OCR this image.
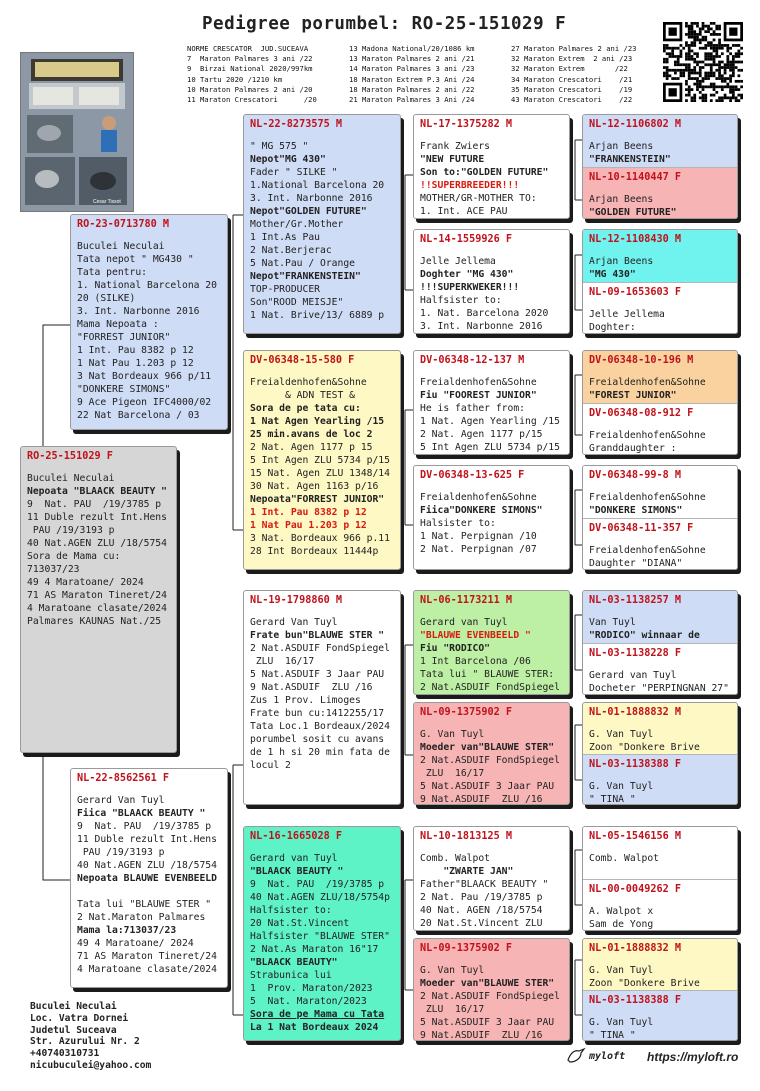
Pedigree porumbel: RO-25-151029 F
NORME CRESCATOR  JUD.SUCEAVA
7  Maraton Palmares 3 ani /22
9  Birzai National 2020/997km
10 Tartu 2020 /1210 km
10 Maraton Palmares 2 ani /20
11 Maraton Crescatori      /20
13 Madona National/20/1086 km
13 Maraton Palmares 2 ani /21
14 Maraton Palmares 3 ani /23
18 Maraton Extrem P.3 Ani /24
18 Maraton Palmares 2 ani /22
21 Maraton Palmares 3 Ani /24
27 Maraton Palmares 2 ani /23
32 Maraton Extrem  2 ani /23
32 Maraton Extrem       /22
34 Maraton Crescatori    /21
35 Maraton Crescatori    /19
43 Maraton Crescatori    /22
Cesar Tissot
RO-25-151029 F
Buculei Neculai
Nepoata "BLAACK BEAUTY "
9  Nat. PAU  /19/3785 p
11 Duble rezult Int.Hens
PAU /19/3193 p
40 Nat.AGEN ZLU /18/5754
Sora de Mama cu:
713037/23
49 4 Maratoane/ 2024
71 AS Maraton Tineret/24
4 Maratoane clasate/2024
Palmares KAUNAS Nat./25
RO-23-0713780 M
Buculei Neculai
Tata nepot " MG430 "
Tata pentru:
1. National Barcelona 20
20 (SILKE)
3. Int. Narbonne 2016
Mama Nepoata :
"FORREST JUNIOR"
1 Int. Pau 8382 p 12
1 Nat Pau 1.203 p 12
3 Nat Bordeaux 966 p/11
"DONKERE SIMONS"
9 Ace Pigeon IFC4000/02
22 Nat Barcelona / 03
NL-22-8562561 F
Gerard Van Tuyl
Fiica "BLAACK BEAUTY "
9  Nat. PAU  /19/3785 p
11 Duble rezult Int.Hens
PAU /19/3193 p
40 Nat.AGEN ZLU /18/5754
Nepoata BLAUWE EVENBEELD

Tata lui "BLAUWE STER "
2 Nat.Maraton Palmares
Mama la:713037/23
49 4 Maratoane/ 2024
71 AS Maraton Tineret/24
4 Maratoane clasate/2024
NL-22-8273575 M
" MG 575 "
Nepot"MG 430"
Fader " SILKE "
1.National Barcelona 20
3. Int. Narbonne 2016
Nepot"GOLDEN FUTURE"
Mother/Gr.Mother
1 Int.As Pau
2 Nat.Berjerac
5 Nat.Pau / Orange
Nepot"FRANKENSTEIN"
TOP-PRODUCER
Son"ROOD MEISJE"
1 Nat. Brive/13/ 6889 p
DV-06348-15-580 F
Freialdenhofen&Sohne
& ADN TEST &
Sora de pe tata cu:
1 Nat Agen Yearling /15
25 min.avans de loc 2
2 Nat. Agen 1177 p 15
5 Int Agen ZLU 5734 p/15
15 Nat. Agen ZLU 1348/14
30 Nat. Agen 1163 p/16
Nepoata"FORREST JUNIOR"
1 Int. Pau 8382 p 12
1 Nat Pau 1.203 p 12
3 Nat. Bordeaux 966 p.11
28 Int Bordeaux 11444p
NL-19-1798860 M
Gerard Van Tuyl
Frate bun"BLAUWE STER "
2 Nat.ASDUIF FondSpiegel
ZLU  16/17
5 Nat.ASDUIF 3 Jaar PAU
9 Nat.ASDUIF  ZLU /16
Zus 1 Prov. Limoges
Frate bun cu:1412255/17
Tata Loc.1 Bordeaux/2024
porumbel sosit cu avans
de 1 h si 20 min fata de
locul 2
NL-16-1665028 F
Gerard van Tuyl
"BLAACK BEAUTY "
9  Nat. PAU  /19/3785 p
40 Nat.AGEN ZLU/18/5754p
Halfsister to:
20 Nat.St.Vincent
Halfsister "BLAUWE STER"
2 Nat.As Maraton 16"17
"BLAACK BEAUTY"
Strabunica lui
1  Prov. Maraton/2023
5  Nat. Maraton/2023
Sora de pe Mama cu Tata
La 1 Nat Bordeaux 2024
NL-17-1375282 M
Frank Zwiers
"NEW FUTURE
Son to:"GOLDEN FUTURE"
!!SUPERBREEDER!!!
MOTHER/GR-MOTHER TO:
1. Int. ACE PAU
NL-14-1559926 F
Jelle Jellema
Doghter "MG 430"
!!!SUPERKWEKER!!!
Halfsister to:
1. Nat. Barcelona 2020
3. Int. Narbonne 2016
DV-06348-12-137 M
Freialdenhofen&Sohne
Fiu "FOOREST JUNIOR"
He is father from:
1 Nat. Agen Yearling /15
2 Nat. Agen 1177 p/15
5 Int Agen ZLU 5734 p/15
DV-06348-13-625 F
Freialdenhofen&Sohne
Fiica"DONKERE SIMONS"
Halsister to:
1 Nat. Perpignan /10
2 Nat. Perpignan /07
NL-06-1173211 M
Gerard van Tuyl
"BLAUWE EVENBEELD "
Fiu "RODICO"
1 Int Barcelona /06
Tata lui " BLAUWE STER:
2 Nat.ASDUIF FondSpiegel
NL-09-1375902 F
G. Van Tuyl
Moeder van"BLAUWE STER"
2 Nat.ASDUIF FondSpiegel
ZLU  16/17
5 Nat.ASDUIF 3 Jaar PAU
9 Nat.ASDUIF  ZLU /16
NL-10-1813125 M
Comb. Walpot
"ZWARTE JAN"
Father"BLAACK BEAUTY "
2 Nat. Pau /19/3785 p
40 Nat. AGEN /18/5754
20 Nat.St.Vincent ZLU
NL-09-1375902 F
G. Van Tuyl
Moeder van"BLAUWE STER"
2 Nat.ASDUIF FondSpiegel
ZLU  16/17
5 Nat.ASDUIF 3 Jaar PAU
9 Nat.ASDUIF  ZLU /16
NL-12-1106802 M
Arjan Beens
"FRANKENSTEIN"
NL-10-1140447 F
Arjan Beens
"GOLDEN FUTURE"
NL-12-1108430 M
Arjan Beens
"MG 430"
NL-09-1653603 F
Jelle Jellema
Doghter:
DV-06348-10-196 M
Freialdenhofen&Sohne
"FOREST JUNIOR"
DV-06348-08-912 F
Freialdenhofen&Sohne
Granddaughter :
DV-06348-99-8 M
Freialdenhofen&Sohne
"DONKERE SIMONS"
DV-06348-11-357 F
Freialdenhofen&Sohne
Daughter "DIANA"
NL-03-1138257 M
Van Tuyl
"RODICO" winnaar de
NL-03-1138228 F
Gerard van Tuyl
Docheter "PERPINGNAN 27"
NL-01-1888832 M
G. Van Tuyl
Zoon "Donkere Brive
NL-03-1138388 F
G. Van Tuyl
" TINA "
NL-05-1546156 M
Comb. Walpot
NL-00-0049262 F
A. Walpot x
Sam de Yong
NL-01-1888832 M
G. Van Tuyl
Zoon "Donkere Brive
NL-03-1138388 F
G. Van Tuyl
" TINA "
Buculei Neculai
Loc. Vatra Dornei
Judetul Suceava
Str. Azurului Nr. 2
+40740310731
nicubuculei@yahoo.com
myloft https://myloft.ro
